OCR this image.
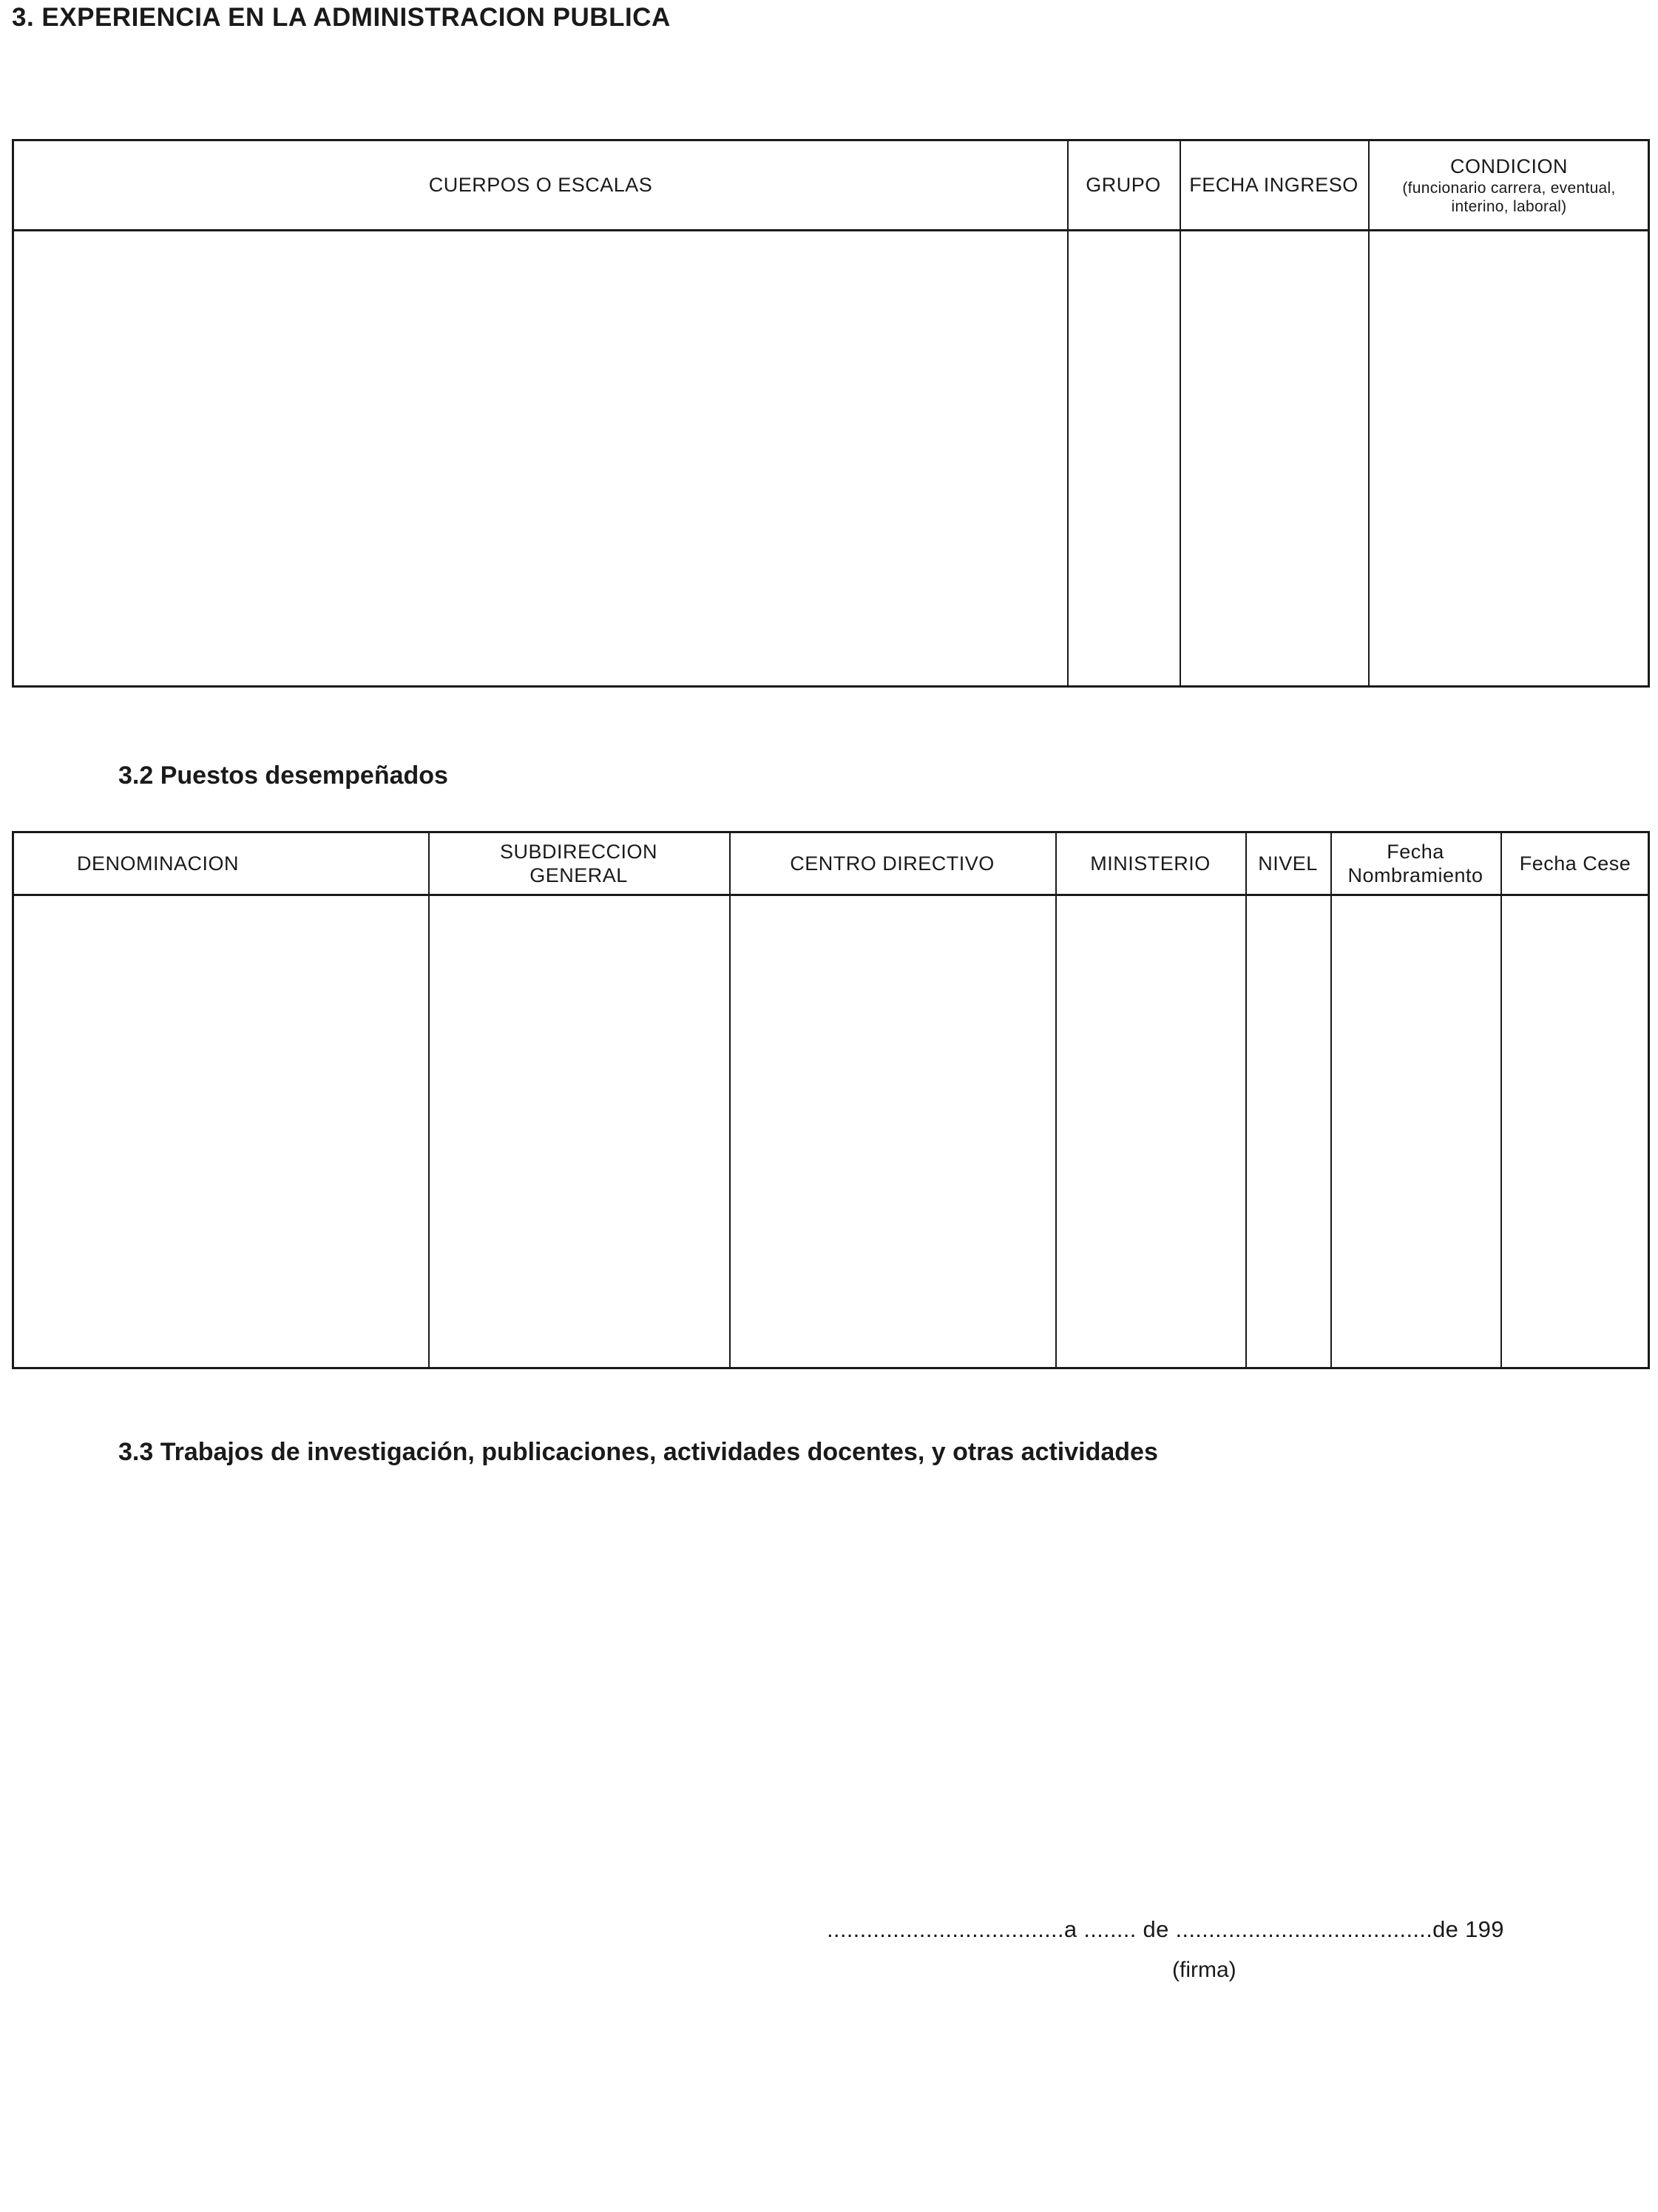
3. EXPERIENCIA EN LA ADMINISTRACION PUBLICA
CUERPOS O ESCALAS	GRUPO FECHA INGRESO
CONDICION
(funcionario carrera, eventual,
interino, laboral)
3.2 Puestos desempeñados
DENOMINACION
SUBDIRECCION
GENERAL
CENTRO DIRECTIVO	MINISTERIO NIVEL
Fecha
Nombramiento
Fecha Cese
3.3 Trabajos de investigación, publicaciones, actividades docentes, y otras actividades
....................................a ........ de .......................................de 199
(firma)
